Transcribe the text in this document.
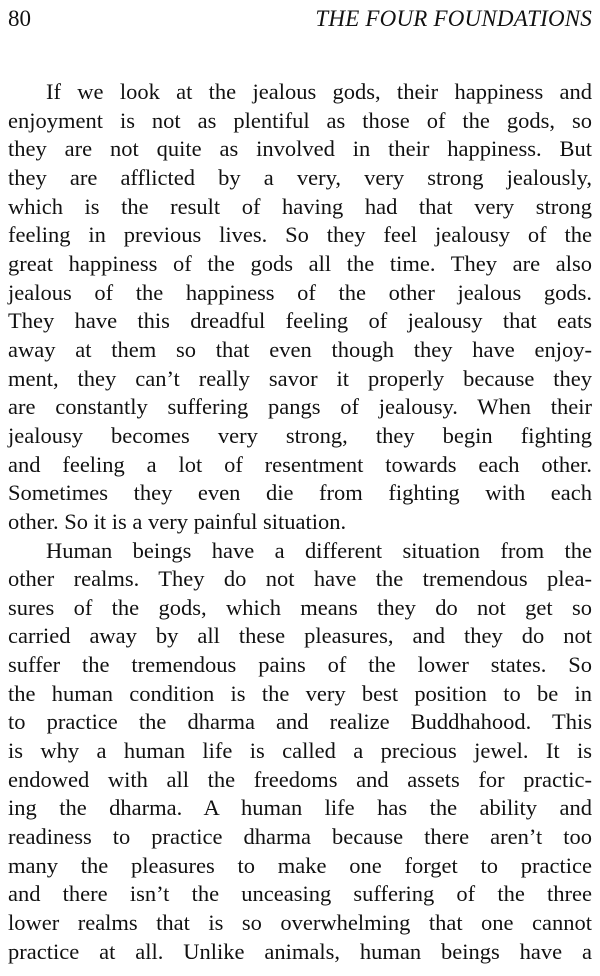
80	THE FOUR FOUNDATIONS
If we look at the jealous gods, their happiness and
enjoyment is not as plentiful as those of the gods, so
they are not quite as involved in their happiness. But
they are afflicted by a very, very strong jealously,
which is the result of having had that very strong
feeling in previous lives. So they feel jealousy of the
great happiness of the gods all the time. They are also
jealous of the happiness of the other jealous gods.
They have this dreadful feeling of jealousy that eats
away at them so that even though they have enjoy-
ment, they can’t really savor it properly because they
are constantly suffering pangs of jealousy. When their
jealousy becomes very strong, they begin fighting
and feeling a lot of resentment towards each other.
Sometimes they even die from fighting with each
other. So it is a very painful situation.
Human beings have a different situation from the
other realms. They do not have the tremendous plea-
sures of the gods, which means they do not get so
carried away by all these pleasures, and they do not
suffer the tremendous pains of the lower states. So
the human condition is the very best position to be in
to practice the dharma and realize Buddhahood. This
is why a human life is called a precious jewel. It is
endowed with all the freedoms and assets for practic-
ing the dharma. A human life has the ability and
readiness to practice dharma because there aren’t too
many the pleasures to make one forget to practice
and there isn’t the unceasing suffering of the three
lower realms that is so overwhelming that one cannot
practice at all. Unlike animals, human beings have a
